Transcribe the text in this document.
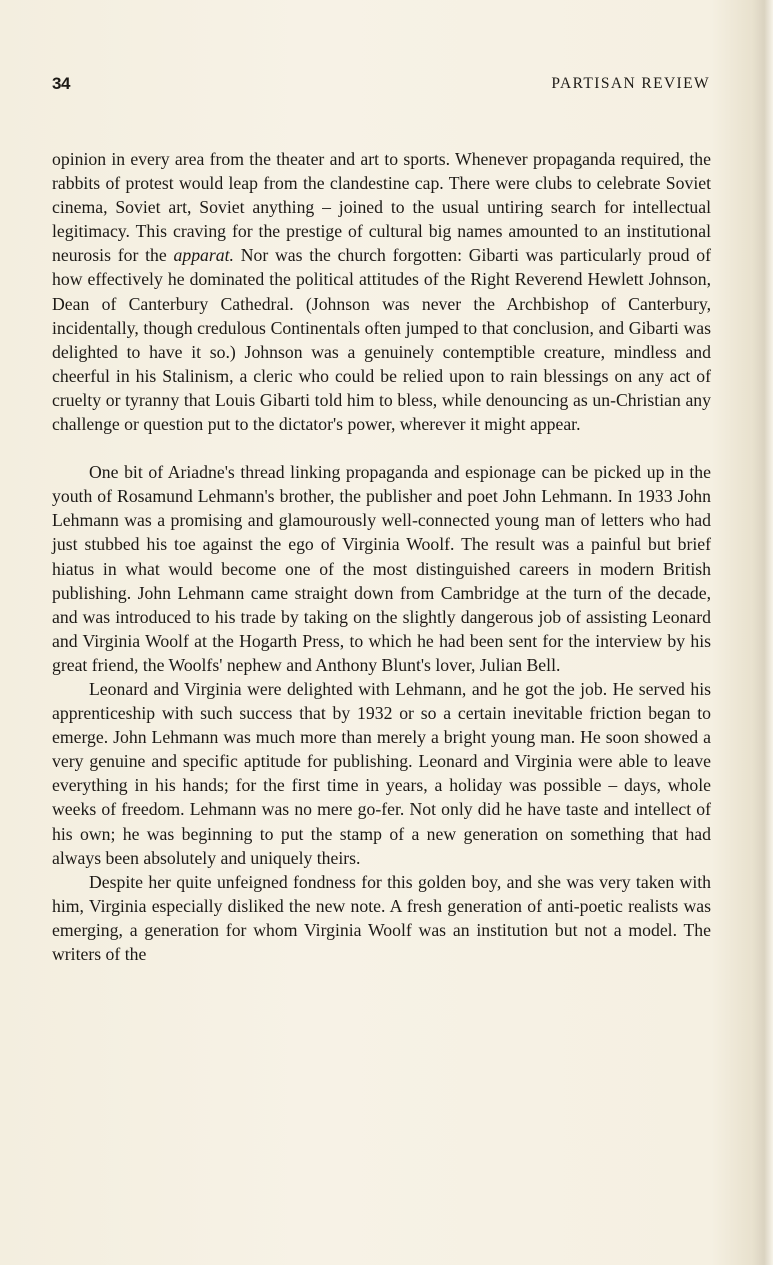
34	PARTISAN REVIEW

opinion in every area from the theater and art to sports. Whenever propaganda required, the rabbits of protest would leap from the clandestine cap. There were clubs to celebrate Soviet cinema, Soviet art, Soviet anything – joined to the usual untiring search for intellectual legitimacy. This craving for the prestige of cultural big names amounted to an institutional neurosis for the apparat. Nor was the church forgotten: Gibarti was particularly proud of how effectively he dominated the political attitudes of the Right Reverend Hewlett Johnson, Dean of Canterbury Cathedral. (Johnson was never the Archbishop of Canterbury, incidentally, though credulous Continentals often jumped to that conclusion, and Gibarti was delighted to have it so.) Johnson was a genuinely contemptible creature, mindless and cheerful in his Stalinism, a cleric who could be relied upon to rain blessings on any act of cruelty or tyranny that Louis Gibarti told him to bless, while denouncing as un-Christian any challenge or question put to the dictator's power, wherever it might appear.

One bit of Ariadne's thread linking propaganda and espionage can be picked up in the youth of Rosamund Lehmann's brother, the publisher and poet John Lehmann. In 1933 John Lehmann was a promising and glamourously well-connected young man of letters who had just stubbed his toe against the ego of Virginia Woolf. The result was a painful but brief hiatus in what would become one of the most distinguished careers in modern British publishing. John Lehmann came straight down from Cambridge at the turn of the decade, and was introduced to his trade by taking on the slightly dangerous job of assisting Leonard and Virginia Woolf at the Hogarth Press, to which he had been sent for the interview by his great friend, the Woolfs' nephew and Anthony Blunt's lover, Julian Bell.

Leonard and Virginia were delighted with Lehmann, and he got the job. He served his apprenticeship with such success that by 1932 or so a certain inevitable friction began to emerge. John Lehmann was much more than merely a bright young man. He soon showed a very genuine and specific aptitude for publishing. Leonard and Virginia were able to leave everything in his hands; for the first time in years, a holiday was possible – days, whole weeks of freedom. Lehmann was no mere go-fer. Not only did he have taste and intellect of his own; he was beginning to put the stamp of a new generation on something that had always been absolutely and uniquely theirs.

Despite her quite unfeigned fondness for this golden boy, and she was very taken with him, Virginia especially disliked the new note. A fresh generation of anti-poetic realists was emerging, a generation for whom Virginia Woolf was an institution but not a model. The writers of the
